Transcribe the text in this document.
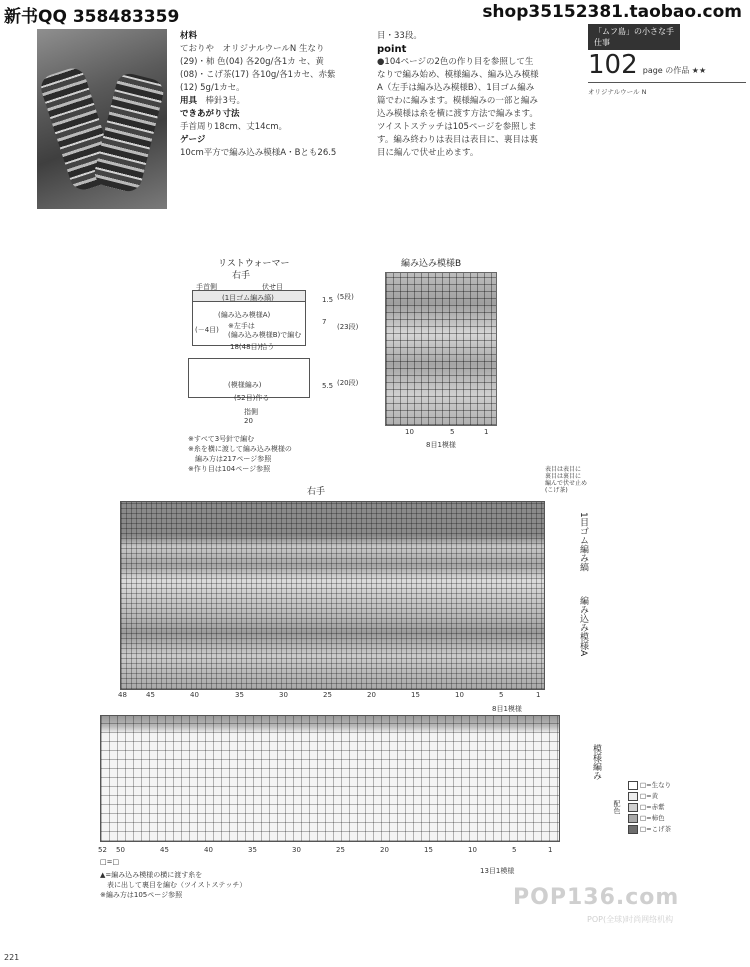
新书QQ 358483359	shop35152381.taobao.com
材料
ておりや　オリジナルウールN 生なり
(29)・柿 色(04) 各20g/各1カ セ、黄
(08)・こげ茶(17) 各10g/各1カセ、赤紫
(12) 5g/1カセ。
用具　 棒針3号。
できあがり寸法
手首周り18cm、丈14cm。
ゲージ
10cm平方で編み込み模様A・Bとも26.5
目・33段。
point
●104ページの2色の作り目を参照して生
なりで編み始め、模様編み、編み込み模様
A（左手は編み込み模様B）、1目ゴム編み
篇でわに編みます。模様編みの一部と編み
込み模様は糸を横に渡す方法で編みます。
ツイストステッチは105ページを参照しま
す。編み終わりは表目は表目に、裏目は裏
目に編んで伏せ止めます。
「ムフ島」の小さな手仕事
102 page の作品 ★★
オリジナルウール N
リストウォーマー
右手
手首側	伏せ目
(1目ゴム編み縞)
(編み込み模様A)
※左手は
(編み込み模様B)で編む
(－4目)
18(48目)拾う
(模様編み)
(52目)作る
指側
20
1.5 (5段)
7
(23段)
5.5 (20段)
※すべて3号針で編む
※糸を横に渡して編み込み模様の
　編み方は217ページ参照
※作り目は104ページ参照
編み込み模様B
10	5	1
8目1模様
右手
表目は表目に
裏目は裏目に
編んで伏せ止め
(こげ茶)
1目ゴム編み縞
編み込み模様A
8目1模様
48	45	40	35	30	25	20	15	10	5	1
模様編み
52 50	45	40	35	30	25	20	15	10	5	1
13目1模様
□=□
▲=編み込み模様の横に渡す糸を
　表に出して裏目を編む（ツイストステッチ）
※編み方は105ページ参照
□=生なり
□=黄
□=赤紫
□=柿色
□=こげ茶
配色
POP136.com
POP(全球)时尚网络机构
221
